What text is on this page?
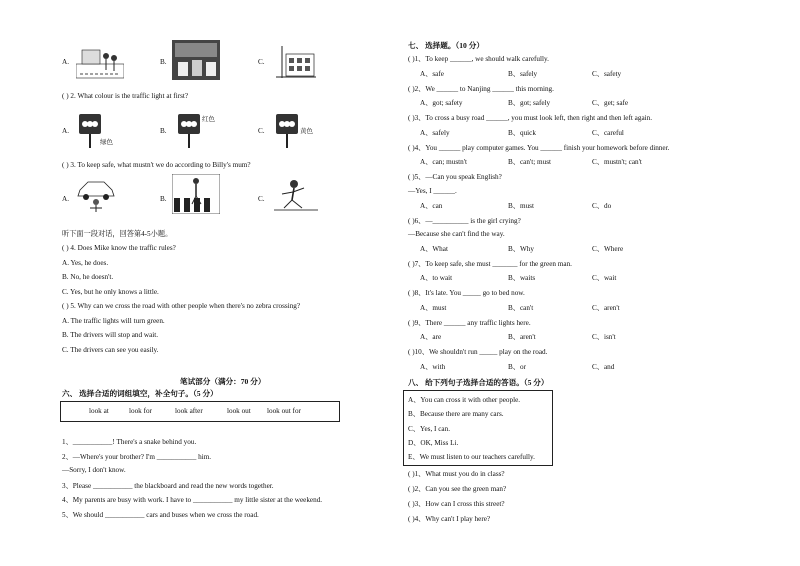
A.	B.	C.
( ) 2. What colour is the traffic light at first?
A.
绿色
B.
红色
C.	黄色
( ) 3. To keep safe, what mustn't we do according to Billy's mum?
A.	B.	C.
听下面一段对话，回答第4-5小题。
( ) 4. Does Mike know the traffic rules?
A. Yes, he does.
B. No, he doesn't.
C. Yes, but he only knows a little.
( ) 5. Why can we cross the road with other people when there's no zebra crossing?
A. The traffic lights will turn green.
B. The drivers will stop and wait.
C. The drivers can see you easily.
笔试部分（满分：70 分）
六、 选择合适的词组填空，补全句子。（5 分）
look at	look for	look after	look out look out for
1、___________! There's a snake behind you.
2、—Where's your brother? I'm ___________ him.
—Sorry, I don't know.
3、Please ___________ the blackboard and read the new words together.
4、My parents are busy with work. I have to ___________ my little sister at the weekend.
5、We should ___________ cars and buses when we cross the road.
七、 选择题。（10 分）
( )1、To keep ______, we should walk carefully.
A、safe	B、safely	C、safety
( )2、We ______ to Nanjing ______ this morning.
A、got; safety	B、got; safely	C、get; safe
( )3、To cross a busy road ______, you must look left, then right and then left again.
A、safely	B、quick	C、careful
( )4、You ______ play computer games. You ______ finish your homework before dinner.
A、can; mustn't	B、can't; must	C、mustn't; can't
( )5、—Can you speak English?
—Yes, I ______.
A、can	B、must	C、do
( )6、—__________ is the girl crying?
—Because she can't find the way.
A、What	B、Why	C、Where
( )7、To keep safe, she must _______ for the green man.
A、to wait	B、waits	C、wait
( )8、It's late. You _____ go to bed now.
A、must	B、can't	C、aren't
( )9、There ______ any traffic lights here.
A、are	B、aren't	C、isn't
( )10、We shouldn't run _____ play on the road.
A、with	B、or	C、and
八、 给下列句子选择合适的答语。（5 分）
A、You can cross it with other people.
B、Because there are many cars.
C、Yes, I can.
D、OK, Miss Li.
E、We must listen to our teachers carefully.
( )1、What must you do in class?
( )2、Can you see the green man?
( )3、How can I cross this street?
( )4、Why can't I play here?
